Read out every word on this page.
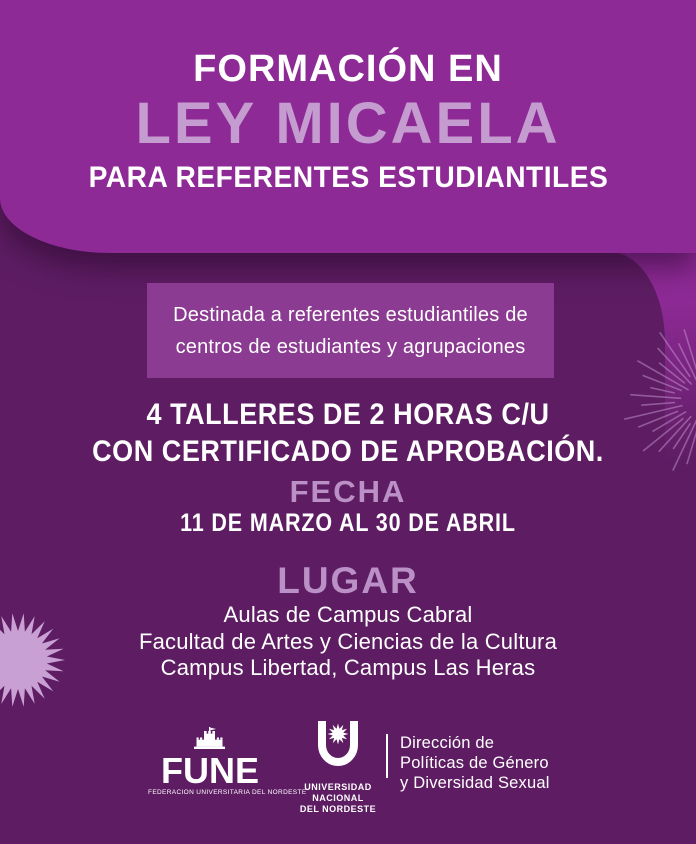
FORMACIÓN EN
LEY MICAELA
PARA REFERENTES ESTUDIANTILES
Destinada a referentes estudiantiles de
centros de estudiantes y agrupaciones
4 TALLERES DE 2 HORAS C/U
CON CERTIFICADO DE APROBACIÓN.
FECHA
11 DE MARZO AL 30 DE ABRIL
LUGAR
Aulas de Campus Cabral
Facultad de Artes y Ciencias de la Cultura
Campus Libertad, Campus Las Heras
FUNE
FEDERACION UNIVERSITARIA DEL NORDESTE
UNIVERSIDAD
NACIONAL
DEL NORDESTE
Dirección de
Políticas de Género
y Diversidad Sexual
